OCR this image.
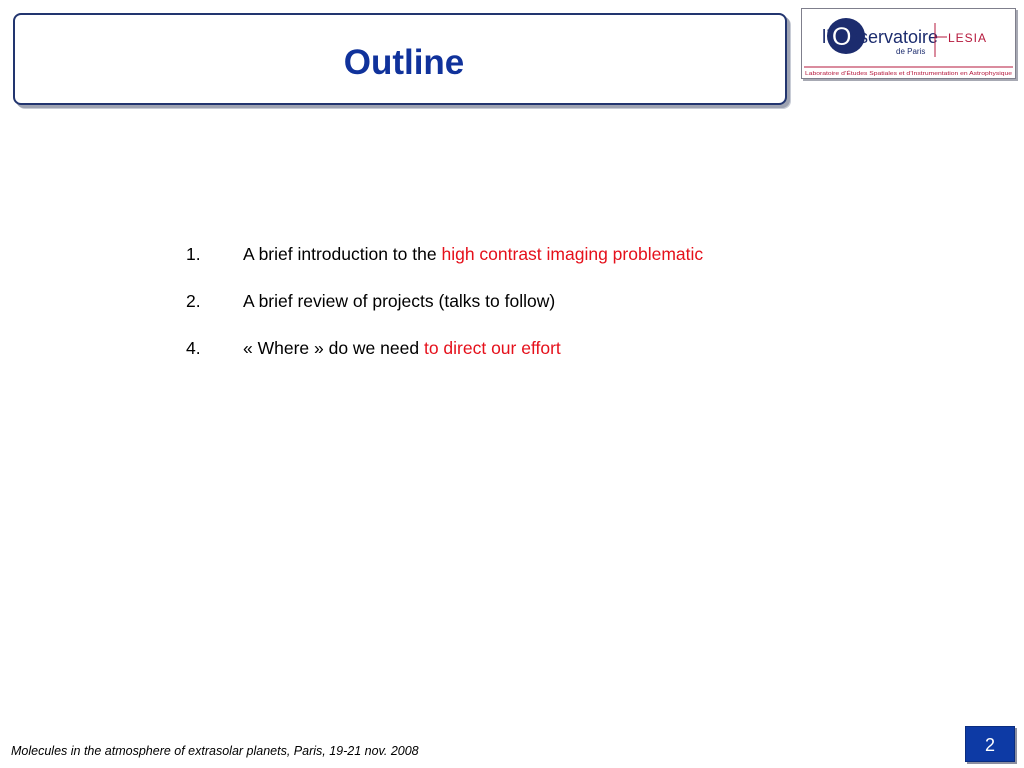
Outline
l’ O
bservatoire
de Paris
LESIA
Laboratoire d’Études Spatiales et d’Instrumentation en Astrophysique
1. A brief introduction to the high contrast imaging problematic
2. A brief review of projects (talks to follow)
4. « Where » do we need to direct our effort
Molecules in the atmosphere of extrasolar planets, Paris, 19-21 nov. 2008	2
